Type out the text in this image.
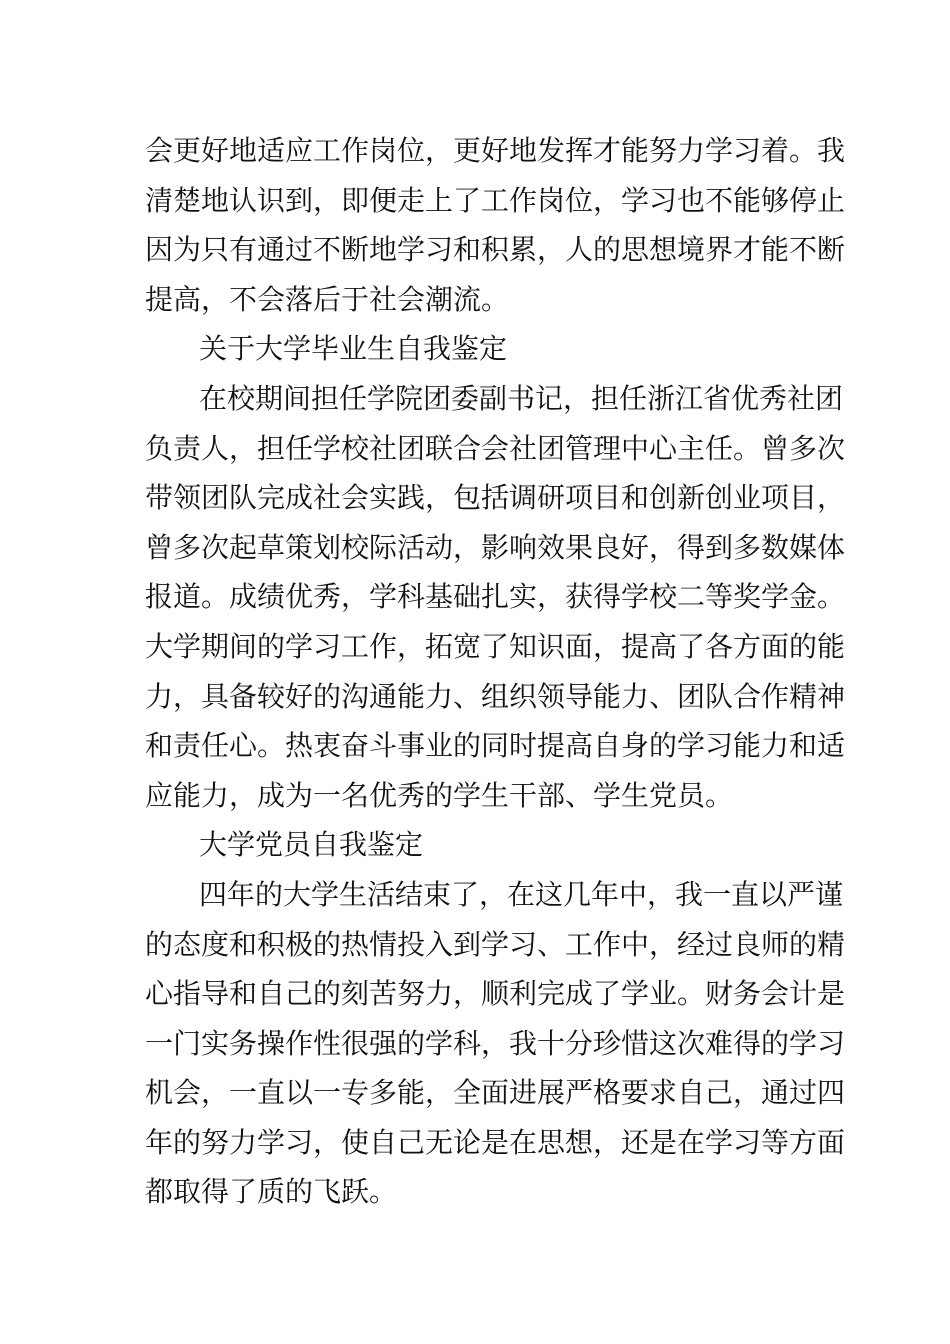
会更好地适应工作岗位，更好地发挥才能努力学习着。我
清楚地认识到，即便走上了工作岗位，学习也不能够停止
因为只有通过不断地学习和积累，人的思想境界才能不断
提高，不会落后于社会潮流。
关于大学毕业生自我鉴定
在校期间担任学院团委副书记，担任浙江省优秀社团
负责人，担任学校社团联合会社团管理中心主任。曾多次
带领团队完成社会实践，包括调研项目和创新创业项目，
曾多次起草策划校际活动，影响效果良好，得到多数媒体
报道。成绩优秀，学科基础扎实，获得学校二等奖学金。
大学期间的学习工作，拓宽了知识面，提高了各方面的能
力，具备较好的沟通能力、组织领导能力、团队合作精神
和责任心。热衷奋斗事业的同时提高自身的学习能力和适
应能力，成为一名优秀的学生干部、学生党员。
大学党员自我鉴定
四年的大学生活结束了，在这几年中，我一直以严谨
的态度和积极的热情投入到学习、工作中，经过良师的精
心指导和自己的刻苦努力，顺利完成了学业。财务会计是
一门实务操作性很强的学科，我十分珍惜这次难得的学习
机会，一直以一专多能，全面进展严格要求自己，通过四
年的努力学习，使自己无论是在思想，还是在学习等方面
都取得了质的飞跃。
